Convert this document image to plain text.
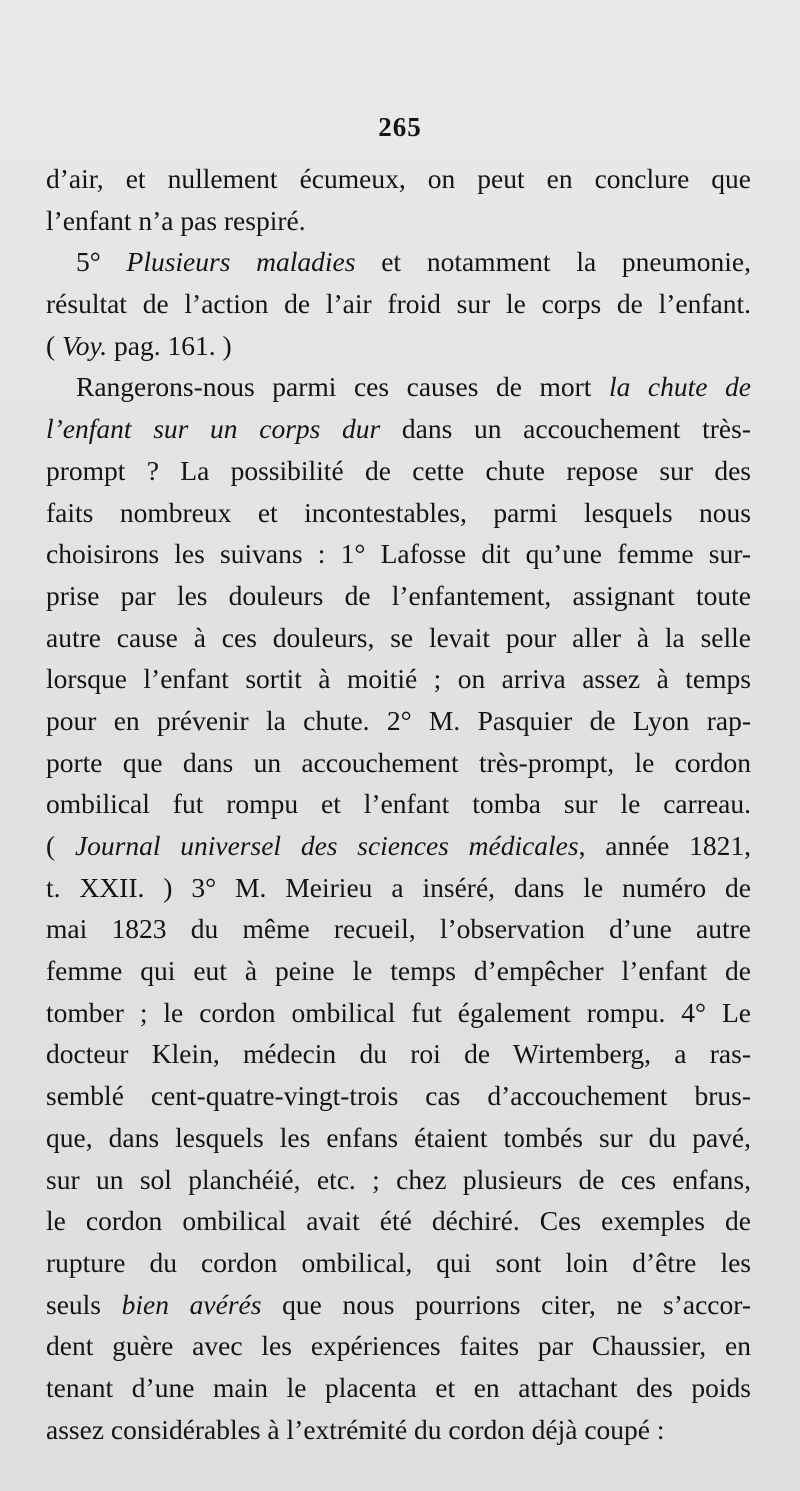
265
d’air, et nullement écumeux, on peut en conclure que
l’enfant n’a pas respiré.
5° Plusieurs maladies et notamment la pneumonie,
résultat de l’action de l’air froid sur le corps de l’enfant.
( Voy. pag. 161. )
Rangerons-nous parmi ces causes de mort la chute de
l’enfant sur un corps dur dans un accouchement très-
prompt ? La possibilité de cette chute repose sur des
faits nombreux et incontestables, parmi lesquels nous
choisirons les suivans : 1° Lafosse dit qu’une femme sur-
prise par les douleurs de l’enfantement, assignant toute
autre cause à ces douleurs, se levait pour aller à la selle
lorsque l’enfant sortit à moitié ; on arriva assez à temps
pour en prévenir la chute. 2° M. Pasquier de Lyon rap-
porte que dans un accouchement très-prompt, le cordon
ombilical fut rompu et l’enfant tomba sur le carreau.
( Journal universel des sciences médicales, année 1821,
t. XXII. ) 3° M. Meirieu a inséré, dans le numéro de
mai 1823 du même recueil, l’observation d’une autre
femme qui eut à peine le temps d’empêcher l’enfant de
tomber ; le cordon ombilical fut également rompu. 4° Le
docteur Klein, médecin du roi de Wirtemberg, a ras-
semblé cent-quatre-vingt-trois cas d’accouchement brus-
que, dans lesquels les enfans étaient tombés sur du pavé,
sur un sol planchéié, etc. ; chez plusieurs de ces enfans,
le cordon ombilical avait été déchiré. Ces exemples de
rupture du cordon ombilical, qui sont loin d’être les
seuls bien avérés que nous pourrions citer, ne s’accor-
dent guère avec les expériences faites par Chaussier, en
tenant d’une main le placenta et en attachant des poids
assez considérables à l’extrémité du cordon déjà coupé :
